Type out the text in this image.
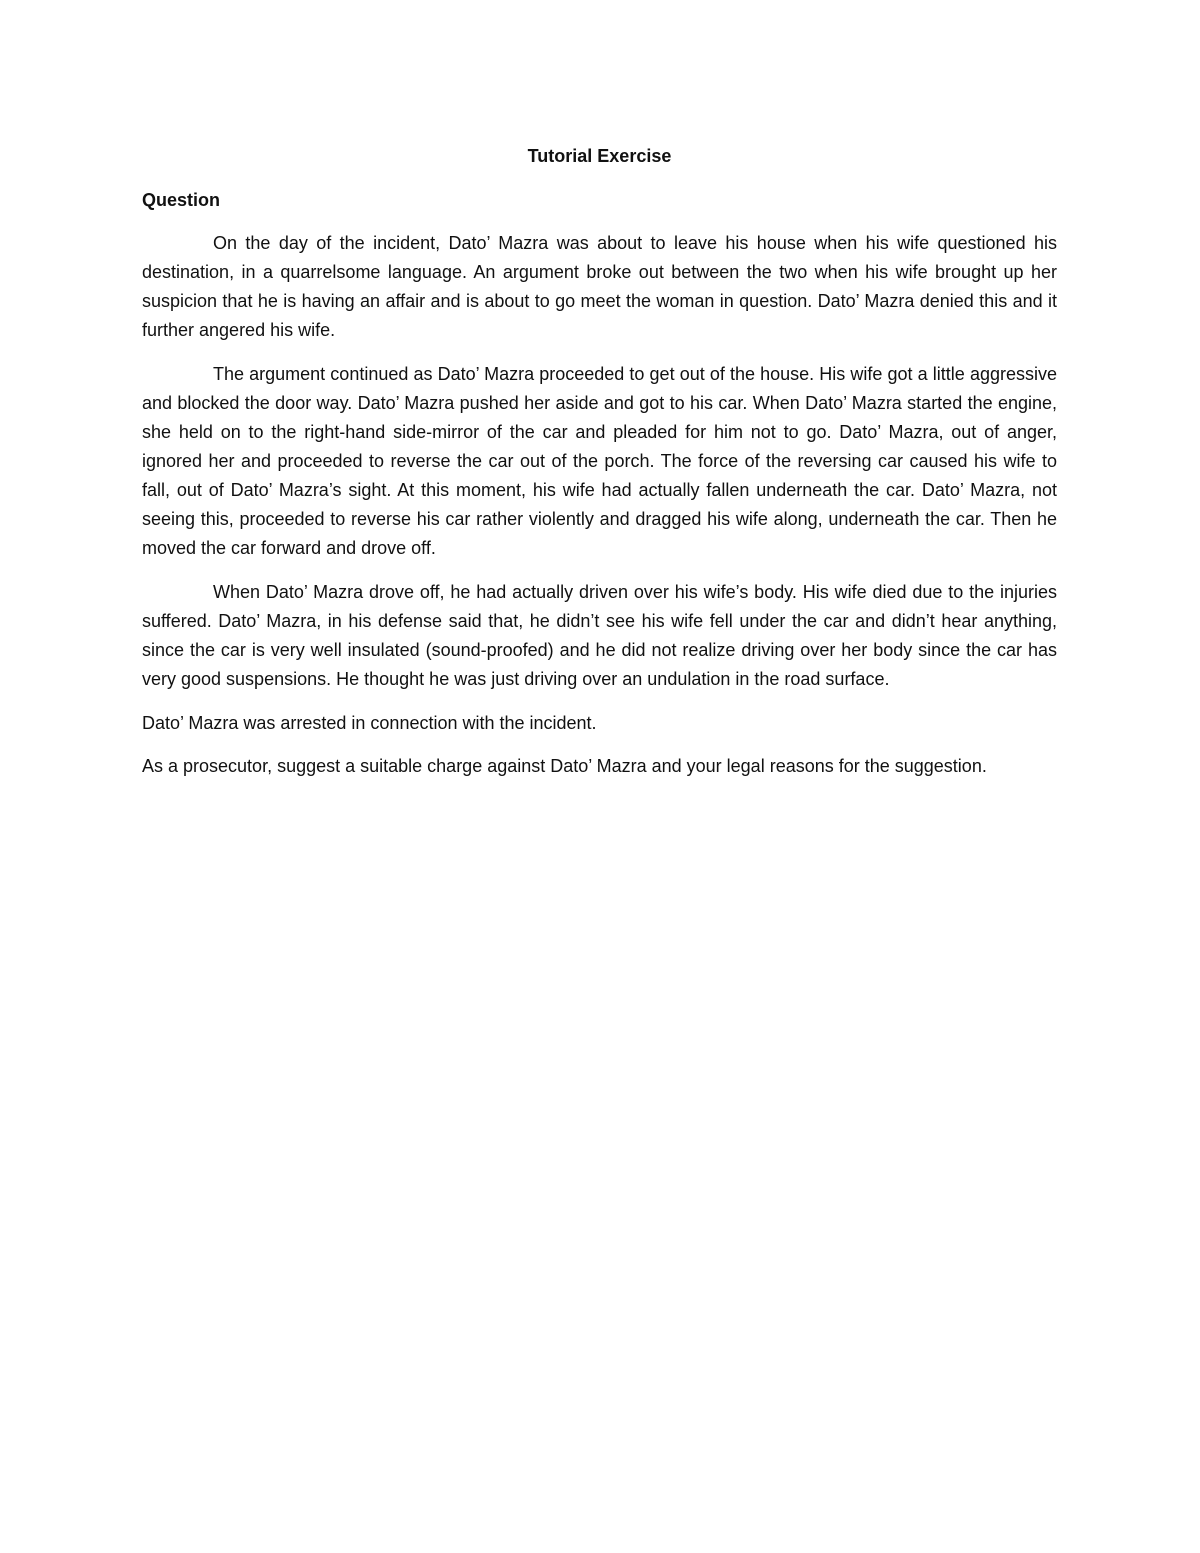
Tutorial Exercise

Question

On the day of the incident, Dato’ Mazra was about to leave his house when his wife questioned his destination, in a quarrelsome language. An argument broke out between the two when his wife brought up her suspicion that he is having an affair and is about to go meet the woman in question. Dato’ Mazra denied this and it further angered his wife.

The argument continued as Dato’ Mazra proceeded to get out of the house. His wife got a little aggressive and blocked the door way. Dato’ Mazra pushed her aside and got to his car. When Dato’ Mazra started the engine, she held on to the right-hand side-mirror of the car and pleaded for him not to go. Dato’ Mazra, out of anger, ignored her and proceeded to reverse the car out of the porch. The force of the reversing car caused his wife to fall, out of Dato’ Mazra’s sight. At this moment, his wife had actually fallen underneath the car. Dato’ Mazra, not seeing this, proceeded to reverse his car rather violently and dragged his wife along, underneath the car. Then he moved the car forward and drove off.

When Dato’ Mazra drove off, he had actually driven over his wife’s body. His wife died due to the injuries suffered. Dato’ Mazra, in his defense said that, he didn’t see his wife fell under the car and didn’t hear anything, since the car is very well insulated (sound-proofed) and he did not realize driving over her body since the car has very good suspensions. He thought he was just driving over an undulation in the road surface.

Dato’ Mazra was arrested in connection with the incident.

As a prosecutor, suggest a suitable charge against Dato’ Mazra and your legal reasons for the suggestion.
